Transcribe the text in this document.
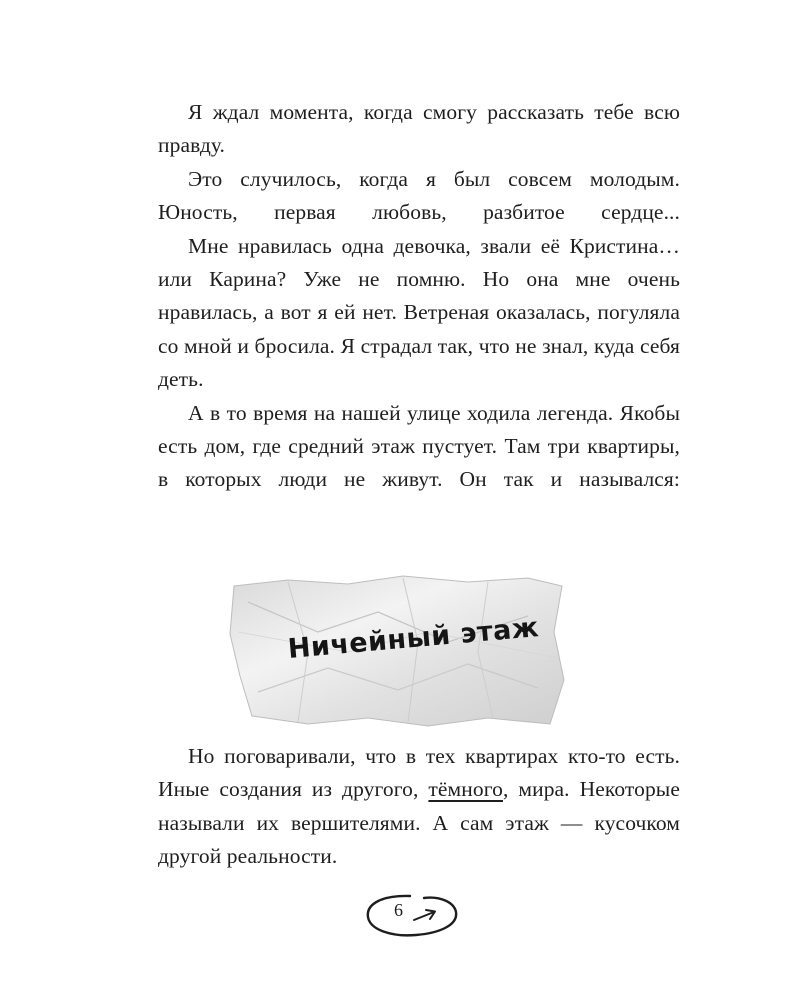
Я ждал момента, когда смогу рассказать тебе всю правду.

Это случилось, когда я был совсем молодым. Юность, первая любовь, разбитое сердце...

Мне нравилась одна девочка, звали её Кристина… или Карина? Уже не помню. Но она мне очень нравилась, а вот я ей нет. Ветреная оказалась, погуляла со мной и бросила. Я страдал так, что не знал, куда себя деть.

А в то время на нашей улице ходила легенда. Якобы есть дом, где средний этаж пустует. Там три квартиры, в которых люди не живут. Он так и назывался:

Ничейный этаж

Но поговаривали, что в тех квартирах кто-то есть. Иные создания из другого, тёмного, мира. Некоторые называли их вершителями. А сам этаж — кусочком другой реальности.

6
